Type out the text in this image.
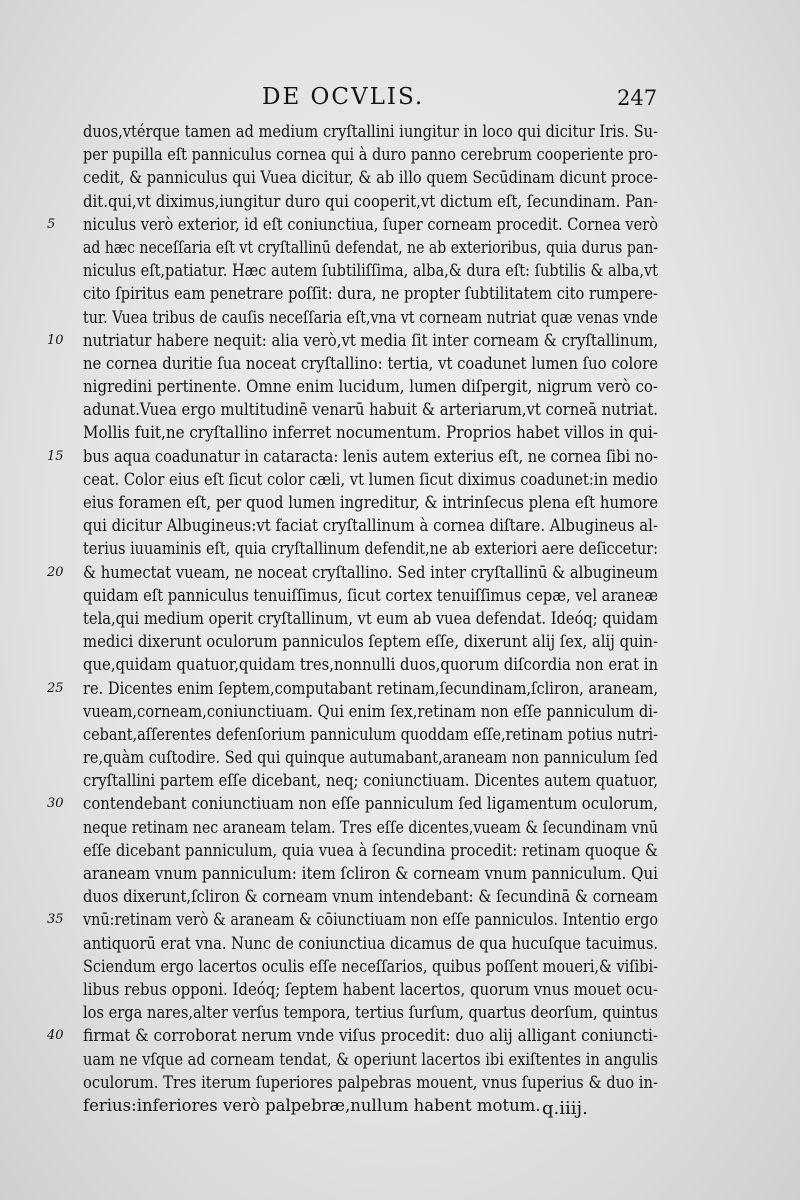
DE OCVLIS.	247
duos,vtérque tamen ad medium cryſtallini iungitur in loco qui dicitur Iris. Su-
per pupilla eſt panniculus cornea qui à duro panno cerebrum cooperiente pro-
cedit, & panniculus qui Vuea dicitur, & ab illo quem Secūdinam dicunt proce-
dit.qui,vt diximus,iungitur duro qui cooperit,vt dictum eſt, ſecundinam. Pan-
5	niculus verò exterior, id eſt coniunctiua, ſuper corneam procedit. Cornea verò
ad hæc neceſſaria eſt vt cryſtallinū defendat, ne ab exterioribus, quia durus pan-
niculus eſt,patiatur. Hæc autem ſubtiliſſima, alba,& dura eſt: ſubtilis & alba,vt
cito ſpiritus eam penetrare poſſit: dura, ne propter ſubtilitatem cito rumpere-
tur. Vuea tribus de cauſis neceſſaria eſt,vna vt corneam nutriat quæ venas vnde
10	nutriatur habere nequit: alia verò,vt media ſit inter corneam & cryſtallinum,
ne cornea duritie ſua noceat cryſtallino: tertia, vt coadunet lumen ſuo colore
nigredini pertinente. Omne enim lucidum, lumen diſpergit, nigrum verò co-
adunat.Vuea ergo multitudinē venarū habuit & arteriarum,vt corneā nutriat.
Mollis fuit,ne cryſtallino inferret nocumentum. Proprios habet villos in qui-
15	bus aqua coadunatur in cataracta: lenis autem exterius eſt, ne cornea ſibi no-
ceat. Color eius eſt ſicut color cæli, vt lumen ſicut diximus coadunet:in medio
eius foramen eſt, per quod lumen ingreditur, & intrinſecus plena eſt humore
qui dicitur Albugineus:vt faciat cryſtallinum à cornea diſtare. Albugineus al-
terius iuuaminis eſt, quia cryſtallinum defendit,ne ab exteriori aere deſiccetur:
20	& humectat vueam, ne noceat cryſtallino. Sed inter cryſtallinū & albugineum
quidam eſt panniculus tenuiſſimus, ſicut cortex tenuiſſimus cepæ, vel araneæ
tela,qui medium operit cryſtallinum, vt eum ab vuea defendat. Ideóq; quidam
medici dixerunt oculorum panniculos ſeptem eſſe, dixerunt alij ſex, alij quin-
que,quidam quatuor,quidam tres,nonnulli duos,quorum diſcordia non erat in
25	re. Dicentes enim ſeptem,computabant retinam,ſecundinam,ſcliron, araneam,
vueam,corneam,coniunctiuam. Qui enim ſex,retinam non eſſe panniculum di-
cebant,aſſerentes defenſorium panniculum quoddam eſſe,retinam potius nutri-
re,quàm cuſtodire. Sed qui quinque autumabant,araneam non panniculum ſed
cryſtallini partem eſſe dicebant, neq; coniunctiuam. Dicentes autem quatuor,
30	contendebant coniunctiuam non eſſe panniculum ſed ligamentum oculorum,
neque retinam nec araneam telam. Tres eſſe dicentes,vueam & ſecundinam vnū
eſſe dicebant panniculum, quia vuea à ſecundina procedit: retinam quoque &
araneam vnum panniculum: item ſcliron & corneam vnum panniculum. Qui
duos dixerunt,ſcliron & corneam vnum intendebant: & ſecundinā & corneam
35	vnū:retinam verò & araneam & cōiunctiuam non eſſe panniculos. Intentio ergo
antiquorū erat vna. Nunc de coniunctiua dicamus de qua hucuſque tacuimus.
Sciendum ergo lacertos oculis eſſe neceſſarios, quibus poſſent moueri,& viſibi-
libus rebus opponi. Ideóq; ſeptem habent lacertos, quorum vnus mouet ocu-
los erga nares,alter verſus tempora, tertius ſurſum, quartus deorſum, quintus
40	firmat & corroborat nerum vnde viſus procedit: duo alij alligant coniuncti-
uam ne vſque ad corneam tendat, & operiunt lacertos ibi exiſtentes in angulis
oculorum. Tres iterum ſuperiores palpebras mouent, vnus ſuperius & duo in-
ferius:inferiores verò palpebræ,nullum habent motum. q.iiij.
